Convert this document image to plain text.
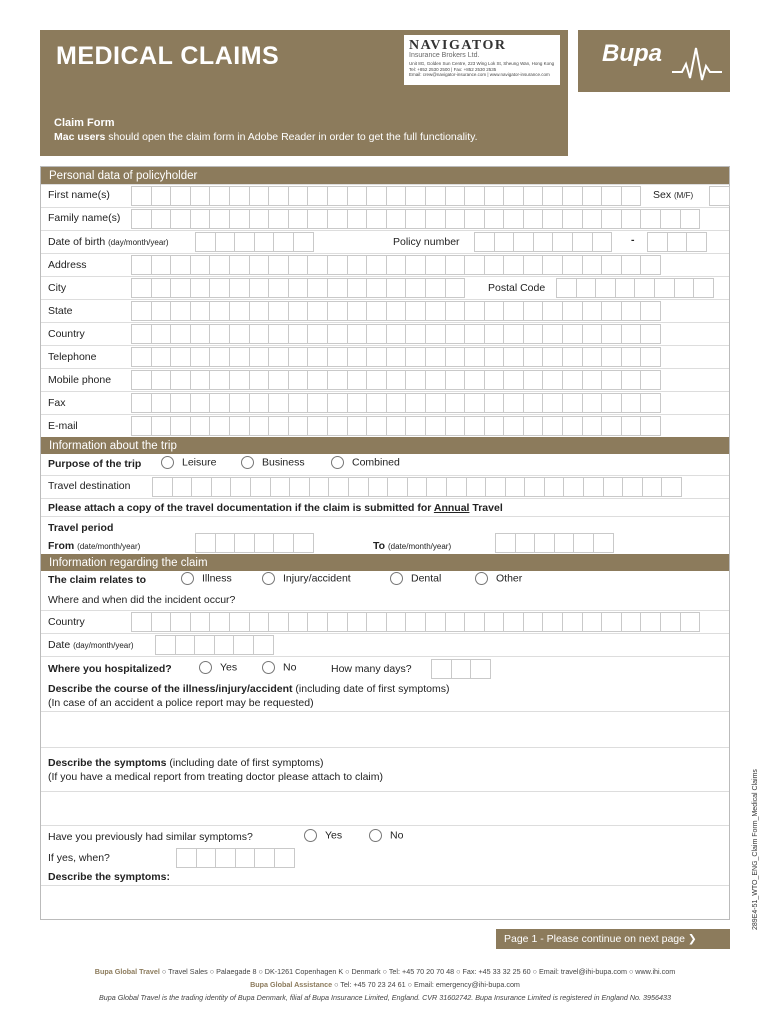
MEDICAL CLAIMS	NAVIGATOR
Insurance Brokers Ltd.
Unit 8G, Golden Sun Centre, 223 Wing Lok St, Sheung Wan, Hong Kong
Tel: +852 2530 2500 | Fax: +852 2530 2535
Email: crew@navigator-insurance.com | www.navigator-insurance.com
Claim Form
Mac users should open the claim form in Adobe Reader in order to get the full functionality.
Bupa
Personal data of policyholder
First name(s)	Sex (M/F)
Family name(s)
Date of birth (day/month/year)	Policy number	-
Address
City	Postal Code
State
Country
Telephone
Mobile phone
Fax
E-mail
Information about the trip
Purpose of the trip	Leisure	Business	Combined
Travel destination
Please attach a copy of the travel documentation if the claim is submitted for Annual Travel
Travel period
From (date/month/year)	To (date/month/year)
Information regarding the claim
The claim relates to	Illness	Injury/accident	Dental	Other
Where and when did the incident occur?
Country
Date (day/month/year)
Where you hospitalized?	Yes	No	How many days?
Describe the course of the illness/injury/accident (including date of first symptoms)
(In case of an accident a police report may be requested)
Describe the symptoms (including date of first symptoms)
(If you have a medical report from treating doctor please attach to claim)
Have you previously had similar symptoms?	Yes	No
If yes, when?
Describe the symptoms:
Page 1 - Please continue on next page ❯
289E4-51_WTO_ENG_Claim Form_Medical Claims
Bupa Global Travel ○ Travel Sales ○ Palaegade 8 ○ DK-1261 Copenhagen K ○ Denmark ○ Tel: +45 70 20 70 48 ○ Fax: +45 33 32 25 60 ○ Email: travel@ihi-bupa.com ○ www.ihi.com
Bupa Global Assistance ○ Tel: +45 70 23 24 61 ○ Email: emergency@ihi-bupa.com
Bupa Global Travel is the trading identity of Bupa Denmark, filial af Bupa Insurance Limited, England. CVR 31602742. Bupa Insurance Limited is registered in England No. 3956433
